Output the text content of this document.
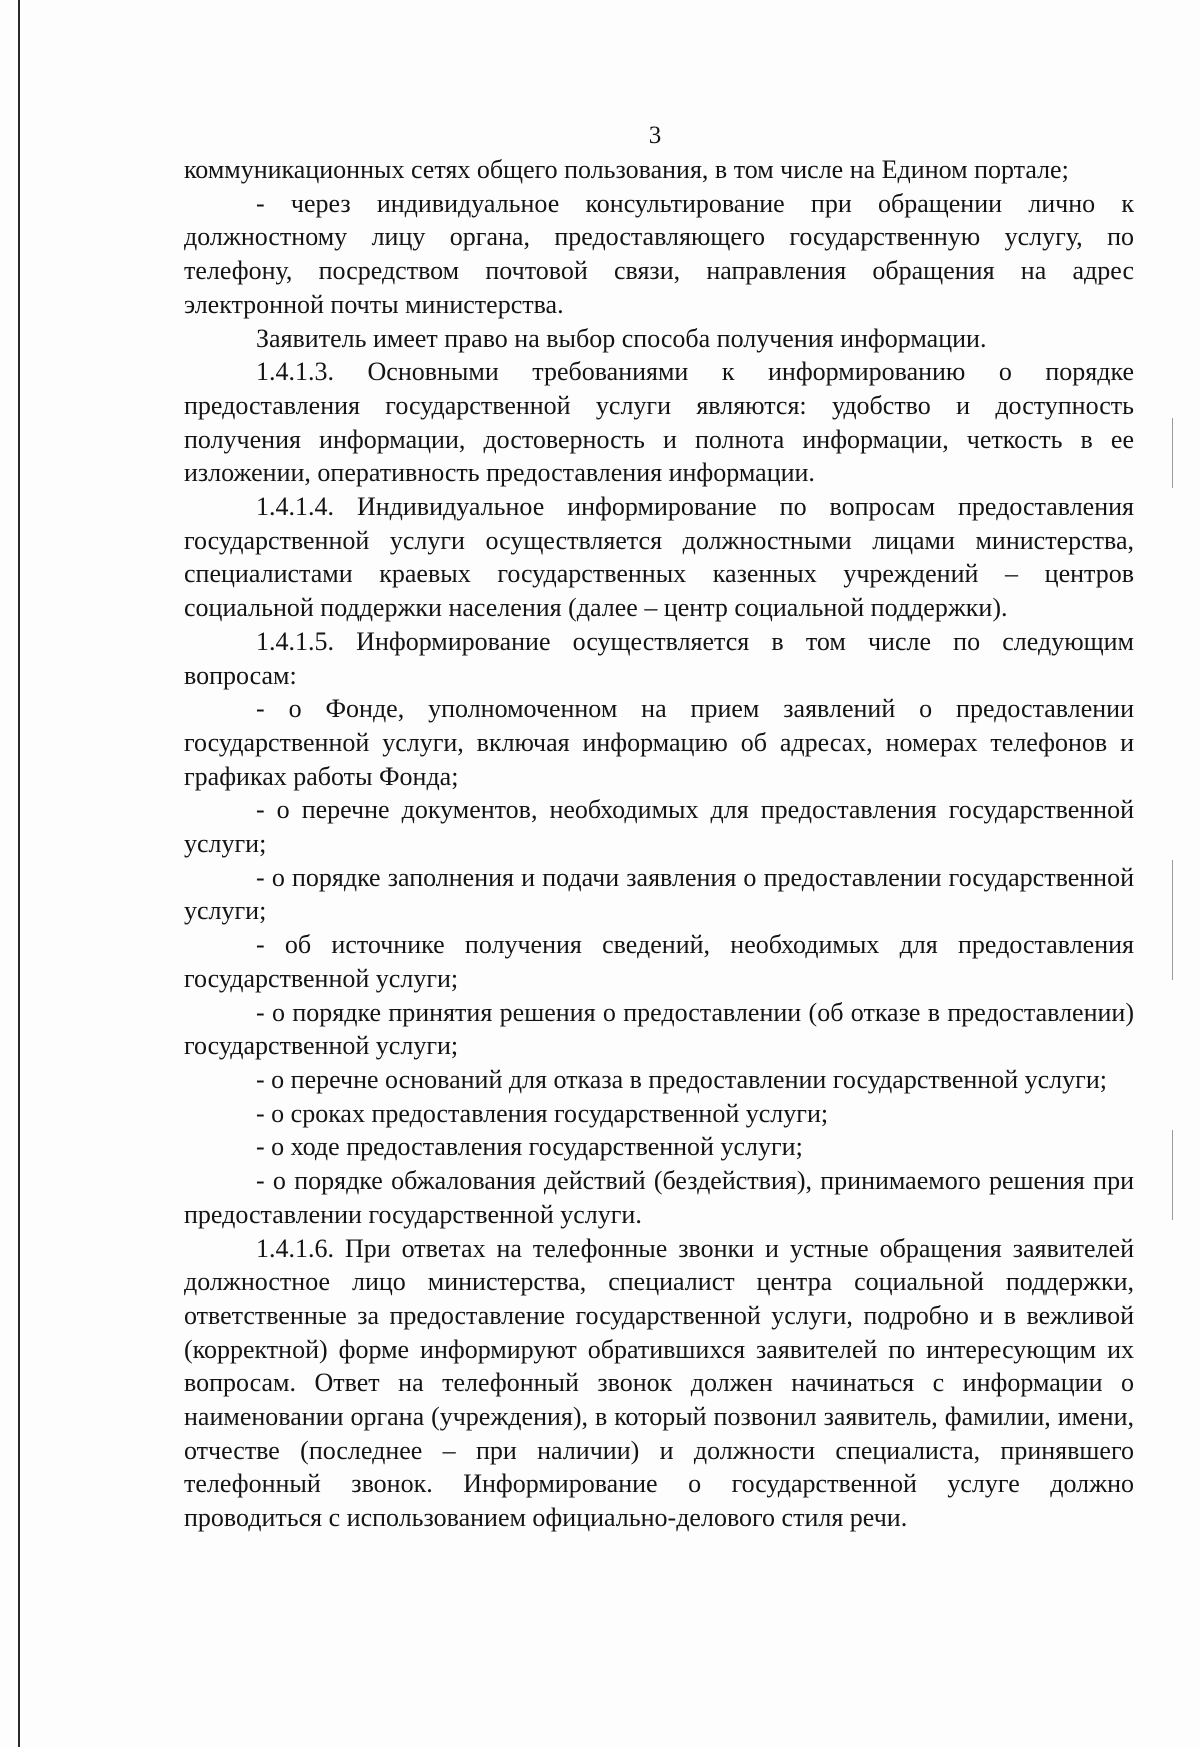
3

коммуникационных сетях общего пользования, в том числе на Едином портале;

- через индивидуальное консультирование при обращении лично к должностному лицу органа, предоставляющего государственную услугу, по телефону, посредством почтовой связи, направления обращения на адрес электронной почты министерства.

Заявитель имеет право на выбор способа получения информации.

1.4.1.3. Основными требованиями к информированию о порядке предоставления государственной услуги являются: удобство и доступность получения информации, достоверность и полнота информации, четкость в ее изложении, оперативность предоставления информации.

1.4.1.4. Индивидуальное информирование по вопросам предоставления государственной услуги осуществляется должностными лицами министерства, специалистами краевых государственных казенных учреждений – центров социальной поддержки населения (далее – центр социальной поддержки).

1.4.1.5. Информирование осуществляется в том числе по следующим вопросам:

- о Фонде, уполномоченном на прием заявлений о предоставлении государственной услуги, включая информацию об адресах, номерах телефонов и графиках работы Фонда;

- о перечне документов, необходимых для предоставления государственной услуги;

- о порядке заполнения и подачи заявления о предоставлении государственной услуги;

- об источнике получения сведений, необходимых для предоставления государственной услуги;

- о порядке принятия решения о предоставлении (об отказе в предоставлении) государственной услуги;

- о перечне оснований для отказа в предоставлении государственной услуги;

- о сроках предоставления государственной услуги;

- о ходе предоставления государственной услуги;

- о порядке обжалования действий (бездействия), принимаемого решения при предоставлении государственной услуги.

1.4.1.6. При ответах на телефонные звонки и устные обращения заявителей должностное лицо министерства, специалист центра социальной поддержки, ответственные за предоставление государственной услуги, подробно и в вежливой (корректной) форме информируют обратившихся заявителей по интересующим их вопросам. Ответ на телефонный звонок должен начинаться с информации о наименовании органа (учреждения), в который позвонил заявитель, фамилии, имени, отчестве (последнее – при наличии) и должности специалиста, принявшего телефонный звонок. Информирование о государственной услуге должно проводиться с использованием официально-делового стиля речи.
